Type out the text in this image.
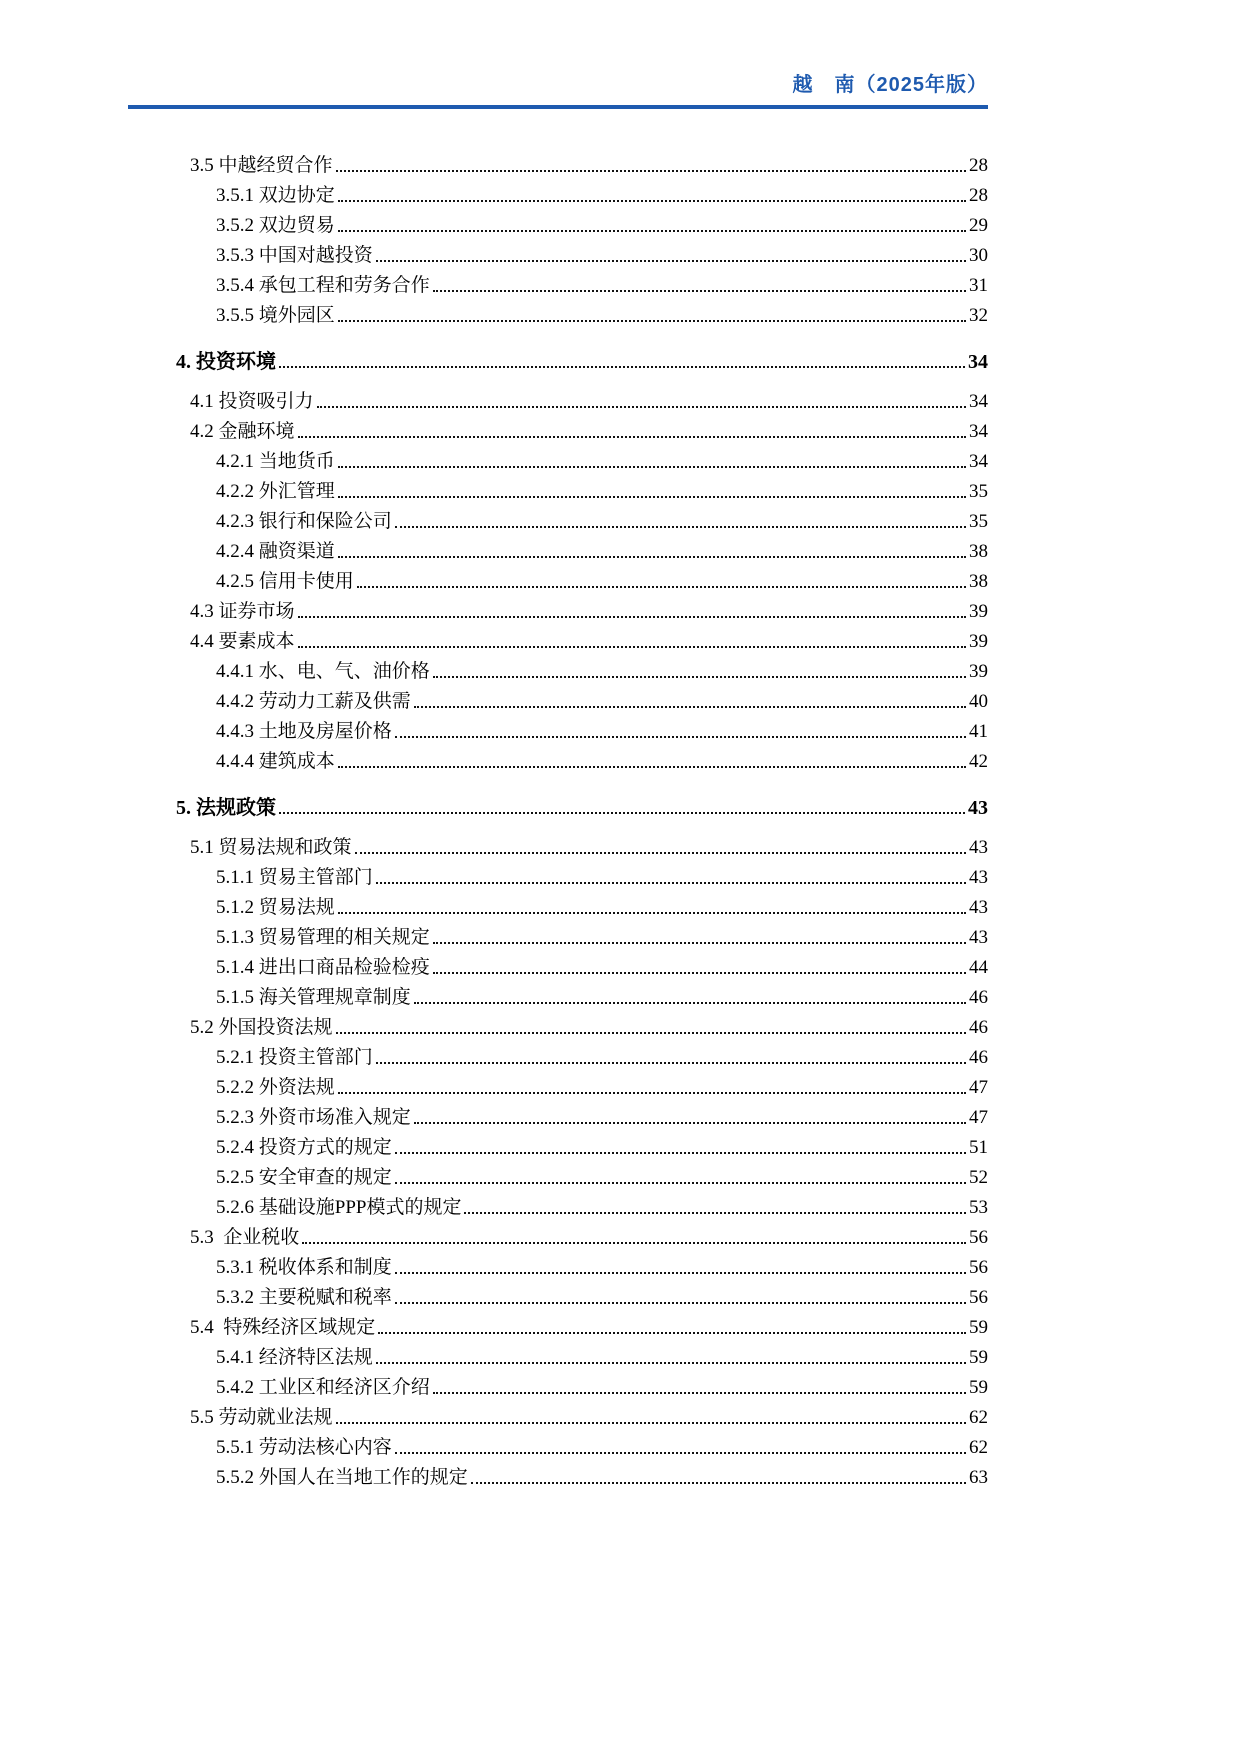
越　南（2025年版）
3.5 中越经贸合作	28
3.5.1 双边协定	28
3.5.2 双边贸易	29
3.5.3 中国对越投资	30
3.5.4 承包工程和劳务合作	31
3.5.5 境外园区	32
4. 投资环境	34
4.1 投资吸引力	34
4.2 金融环境	34
4.2.1 当地货币	34
4.2.2 外汇管理	35
4.2.3 银行和保险公司	35
4.2.4 融资渠道	38
4.2.5 信用卡使用	38
4.3 证券市场	39
4.4 要素成本	39
4.4.1 水、电、气、油价格	39
4.4.2 劳动力工薪及供需	40
4.4.3 土地及房屋价格	41
4.4.4 建筑成本	42
5. 法规政策	43
5.1 贸易法规和政策	43
5.1.1 贸易主管部门	43
5.1.2 贸易法规	43
5.1.3 贸易管理的相关规定	43
5.1.4 进出口商品检验检疫	44
5.1.5 海关管理规章制度	46
5.2 外国投资法规	46
5.2.1 投资主管部门	46
5.2.2 外资法规	47
5.2.3 外资市场准入规定	47
5.2.4 投资方式的规定	51
5.2.5 安全审查的规定	52
5.2.6 基础设施PPP模式的规定	53
5.3  企业税收	56
5.3.1 税收体系和制度	56
5.3.2 主要税赋和税率	56
5.4  特殊经济区域规定	59
5.4.1 经济特区法规	59
5.4.2 工业区和经济区介绍	59
5.5 劳动就业法规	62
5.5.1 劳动法核心内容	62
5.5.2 外国人在当地工作的规定	63
